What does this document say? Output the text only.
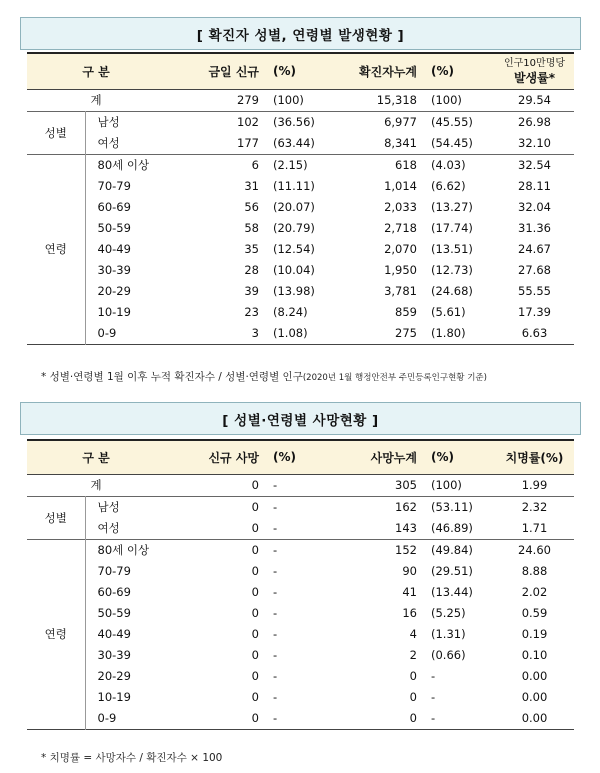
[ 확진자 성별, 연령별 발생현황 ]
구 분		금일 신규	(%)	확진자누계	(%)	인구10만명당
발생률*
계		279	(100)	15,318	(100)	29.54
성별	남성	102	(36.56)	6,977	(45.55)	26.98
	여성	177	(63.44)	8,341	(54.45)	32.10
연령	80세 이상	6	(2.15)	618	(4.03)	32.54
	70-79	31	(11.11)	1,014	(6.62)	28.11
	60-69	56	(20.07)	2,033	(13.27)	32.04
	50-59	58	(20.79)	2,718	(17.74)	31.36
	40-49	35	(12.54)	2,070	(13.51)	24.67
	30-39	28	(10.04)	1,950	(12.73)	27.68
	20-29	39	(13.98)	3,781	(24.68)	55.55
	10-19	23	(8.24)	859	(5.61)	17.39
	0-9	3	(1.08)	275	(1.80)	6.63
* 성별·연령별 1월 이후 누적 확진자수 / 성별·연령별 인구(2020년 1월 행정안전부 주민등록인구현황 기준)
[ 성별·연령별 사망현황 ]
구 분		신규 사망	(%)	사망누계	(%)	치명률(%)
계		0	-	305	(100)	1.99
성별	남성	0	-	162	(53.11)	2.32
	여성	0	-	143	(46.89)	1.71
연령	80세 이상	0	-	152	(49.84)	24.60
	70-79	0	-	90	(29.51)	8.88
	60-69	0	-	41	(13.44)	2.02
	50-59	0	-	16	(5.25)	0.59
	40-49	0	-	4	(1.31)	0.19
	30-39	0	-	2	(0.66)	0.10
	20-29	0	-	0	-	0.00
	10-19	0	-	0	-	0.00
	0-9	0	-	0	-	0.00
* 치명률 = 사망자수 / 확진자수 × 100
